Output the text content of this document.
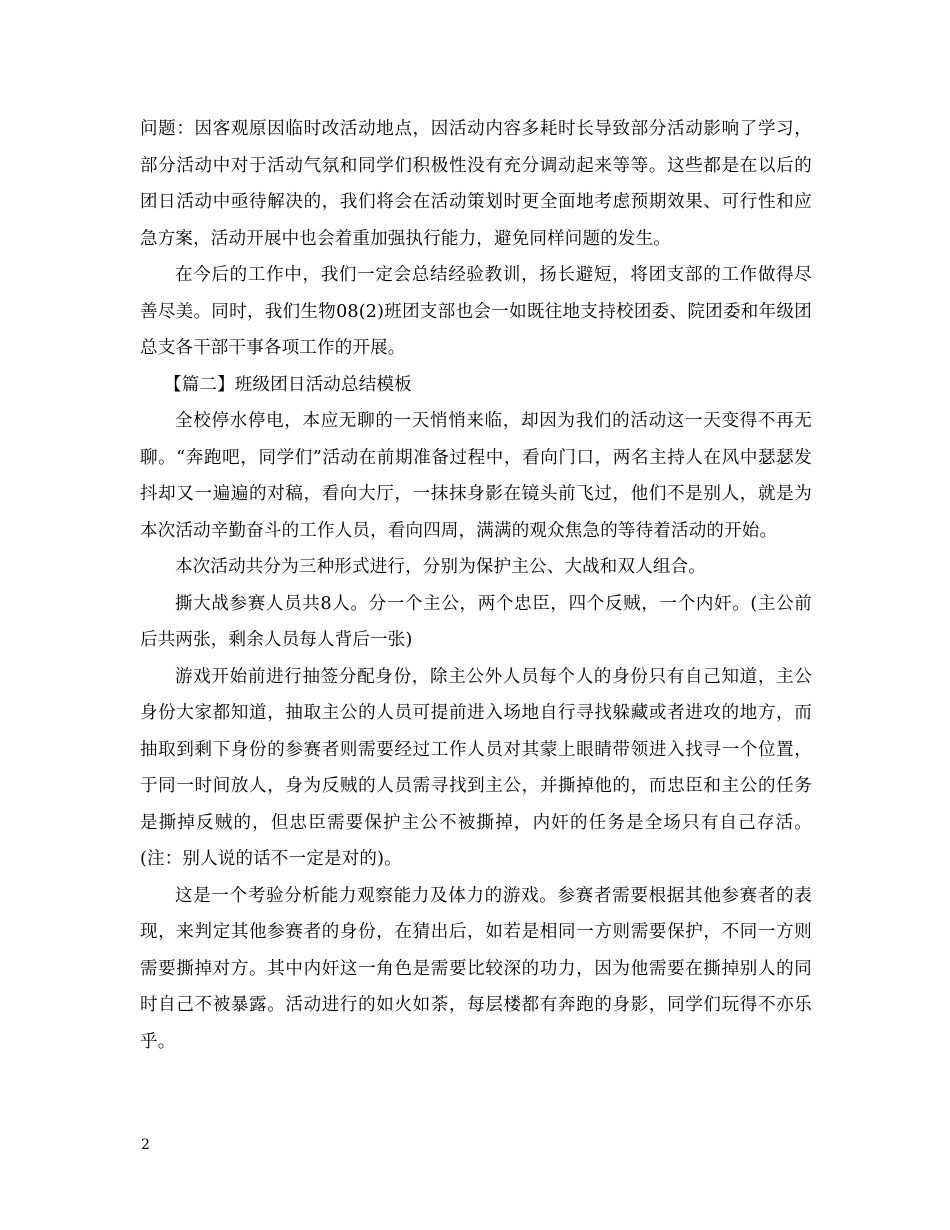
问题：因客观原因临时改活动地点，因活动内容多耗时长导致部分活动影响了学习，部分活动中对于活动气氛和同学们积极性没有充分调动起来等等。这些都是在以后的团日活动中亟待解决的，我们将会在活动策划时更全面地考虑预期效果、可行性和应急方案，活动开展中也会着重加强执行能力，避免同样问题的发生。

在今后的工作中，我们一定会总结经验教训，扬长避短，将团支部的工作做得尽善尽美。同时，我们生物08(2)班团支部也会一如既往地支持校团委、院团委和年级团总支各干部干事各项工作的开展。

【篇二】班级团日活动总结模板

全校停水停电，本应无聊的一天悄悄来临，却因为我们的活动这一天变得不再无聊。“奔跑吧，同学们”活动在前期准备过程中，看向门口，两名主持人在风中瑟瑟发抖却又一遍遍的对稿，看向大厅，一抹抹身影在镜头前飞过，他们不是别人，就是为本次活动辛勤奋斗的工作人员，看向四周，满满的观众焦急的等待着活动的开始。

本次活动共分为三种形式进行，分别为保护主公、大战和双人组合。

撕大战参赛人员共8人。分一个主公，两个忠臣，四个反贼，一个内奸。(主公前后共两张，剩余人员每人背后一张)

游戏开始前进行抽签分配身份，除主公外人员每个人的身份只有自己知道，主公身份大家都知道，抽取主公的人员可提前进入场地自行寻找躲藏或者进攻的地方，而抽取到剩下身份的参赛者则需要经过工作人员对其蒙上眼睛带领进入找寻一个位置，于同一时间放人，身为反贼的人员需寻找到主公，并撕掉他的，而忠臣和主公的任务是撕掉反贼的，但忠臣需要保护主公不被撕掉，内奸的任务是全场只有自己存活。(注：别人说的话不一定是对的)。

这是一个考验分析能力观察能力及体力的游戏。参赛者需要根据其他参赛者的表现，来判定其他参赛者的身份，在猜出后，如若是相同一方则需要保护，不同一方则需要撕掉对方。其中内奸这一角色是需要比较深的功力，因为他需要在撕掉别人的同时自己不被暴露。活动进行的如火如荼，每层楼都有奔跑的身影，同学们玩得不亦乐乎。

2
